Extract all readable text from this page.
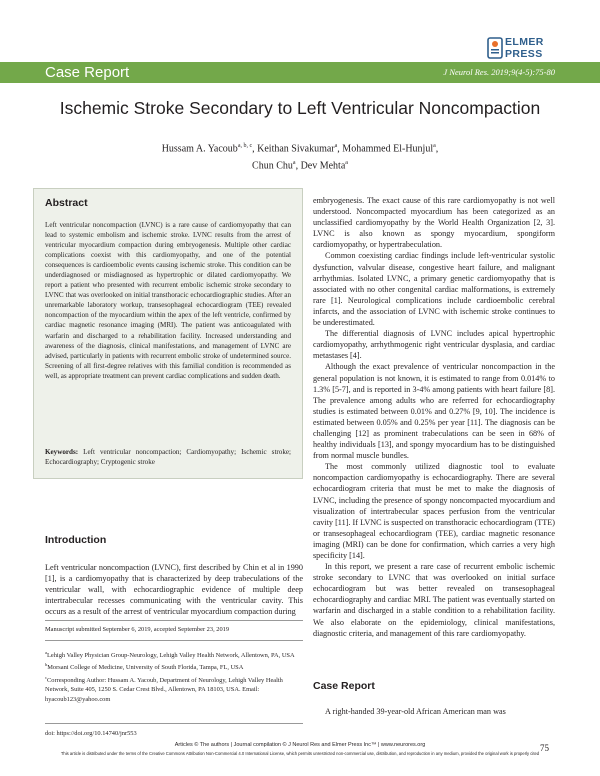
ELMER
PRESS
Case Report	J Neurol Res. 2019;9(4-5):75-80
Ischemic Stroke Secondary to Left Ventricular Noncompaction
Hussam A. Yacoub$^{a, b, c}$, Keithan Sivakumar$^a$, Mohammed El-Hunjul$^a$,
Chun Chu$^a$, Dev Mehta$^a$
Abstract
Left ventricular noncompaction (LVNC) is a rare cause of cardiomyopathy that can lead to systemic embolism and ischemic stroke. LVNC results from the arrest of ventricular myocardium compaction during embryogenesis. Multiple other cardiac complications coexist with this cardiomyopathy, and one of the potential consequences is cardioembolic events causing ischemic stroke. This condition can be underdiagnosed or misdiagnosed as hypertrophic or dilated cardiomyopathy. We report a patient who presented with recurrent embolic ischemic stroke secondary to LVNC that was overlooked on initial transthoracic echocardiographic studies. After an unremarkable laboratory workup, transesophageal echocardiogram (TEE) revealed noncompaction of the myocardium within the apex of the left ventricle, confirmed by cardiac magnetic resonance imaging (MRI). The patient was anticoagulated with warfarin and discharged to a rehabilitation facility. Increased understanding and awareness of the diagnosis, clinical manifestations, and management of LVNC are advised, particularly in patients with recurrent embolic stroke of undetermined source. Screening of all first-degree relatives with this familial condition is recommended as well, as appropriate treatment can prevent cardiac complications and sudden death.
Keywords: Left ventricular noncompaction; Cardiomyopathy; Ischemic stroke; Echocardiography; Cryptogenic stroke
Introduction
Left ventricular noncompaction (LVNC), first described by Chin et al in 1990 [1], is a cardiomyopathy that is characterized by deep trabeculations of the ventricular wall, with echocardiographic evidence of multiple deep intertrabecular recesses communicating with the ventricular cavity. This occurs as a result of the arrest of ventricular myocardium compaction during
Manuscript submitted September 6, 2019, accepted September 23, 2019
$^a$Lehigh Valley Physician Group-Neurology, Lehigh Valley Health Network, Allentown, PA, USA
$^b$Morsani College of Medicine, University of South Florida, Tampa, FL, USA
$^c$Corresponding Author: Hussam A. Yacoub, Department of Neurology, Lehigh Valley Health Network, Suite 405, 1250 S. Cedar Crest Blvd., Allentown, PA 18103, USA. Email: hyacoub123@yahoo.com
doi: https://doi.org/10.14740/jnr553

embryogenesis. The exact cause of this rare cardiomyopathy is not well understood. Noncompacted myocardium has been categorized as an unclassified cardiomyopathy by the World Health Organization [2, 3]. LVNC is also known as spongy myocardium, spongiform cardiomyopathy, or hypertrabeculation.

Common coexisting cardiac findings include left-ventricular systolic dysfunction, valvular disease, congestive heart failure, and malignant arrhythmias. Isolated LVNC, a primary genetic cardiomyopathy that is associated with no other congenital cardiac malformations, is extremely rare [1]. Neurological complications include cardioembolic cerebral infarcts, and the association of LVNC with ischemic stroke continues to be underestimated.

The differential diagnosis of LVNC includes apical hypertrophic cardiomyopathy, arrhythmogenic right ventricular dysplasia, and cardiac metastases [4].

Although the exact prevalence of ventricular noncompaction in the general population is not known, it is estimated to range from 0.014% to 1.3% [5-7], and is reported in 3-4% among patients with heart failure [8]. The prevalence among adults who are referred for echocardiography studies is estimated between 0.01% and 0.27% [9, 10]. The incidence is estimated between 0.05% and 0.25% per year [11]. The diagnosis can be challenging [12] as prominent trabeculations can be seen in 68% of healthy individuals [13], and spongy myocardium has to be distinguished from normal muscle bundles.

The most commonly utilized diagnostic tool to evaluate noncompaction cardiomyopathy is echocardiography. There are several echocardiogram criteria that must be met to make the diagnosis of LVNC, including the presence of spongy noncompacted myocardium and visualization of intertrabecular spaces perfusion from the ventricular cavity [11]. If LVNC is suspected on transthoracic echocardiogram (TTE) or transesophageal echocardiogram (TEE), cardiac magnetic resonance imaging (MRI) can be done for confirmation, which carries a very high specificity [14].

In this report, we present a rare case of recurrent embolic ischemic stroke secondary to LVNC that was overlooked on initial surface echocardiogram but was better revealed on transesophageal echocardiography and cardiac MRI. The patient was eventually started on warfarin and discharged in a stable condition to a rehabilitation facility. We also elaborate on the epidemiology, clinical manifestations, diagnostic criteria, and management of this rare cardiomyopathy.

Case Report
A right-handed 39-year-old African American man was
Articles © The authors | Journal compilation © J Neurol Res and Elmer Press Inc™ | www.neurores.org
This article is distributed under the terms of the Creative Commons Attribution Non-Commercial 4.0 International License, which permits unrestricted non-commercial use, distribution, and reproduction in any medium, provided the original work is properly cited
75
